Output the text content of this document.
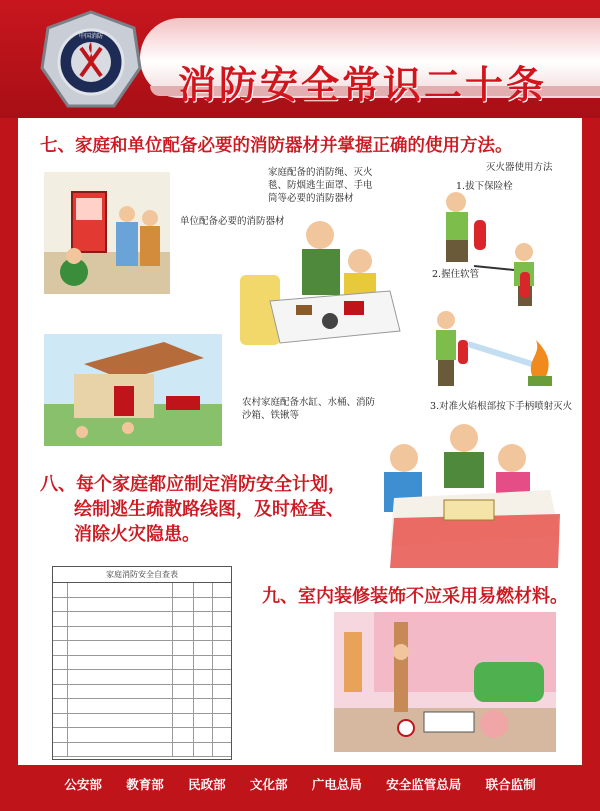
中国消防
消防安全常识二十条
七、家庭和单位配备必要的消防器材并掌握正确的使用方法。
单位配备必要的消防器材
家庭配备的消防绳、灭火毯、防烟逃生面罩、手电筒等必要的消防器材
农村家庭配备水缸、水桶、消防沙箱、铁锹等
灭火器使用方法
1.拔下保险栓
2.握住软管
3.对准火焰根部按下手柄喷射灭火
八、每个家庭都应制定消防安全计划，
绘制逃生疏散路线图，及时检查、
消除火灾隐患。
家庭消防安全自查表
九、室内装修装饰不应采用易燃材料。
公安部 教育部 民政部 文化部 广电总局 安全监管总局 联合监制
